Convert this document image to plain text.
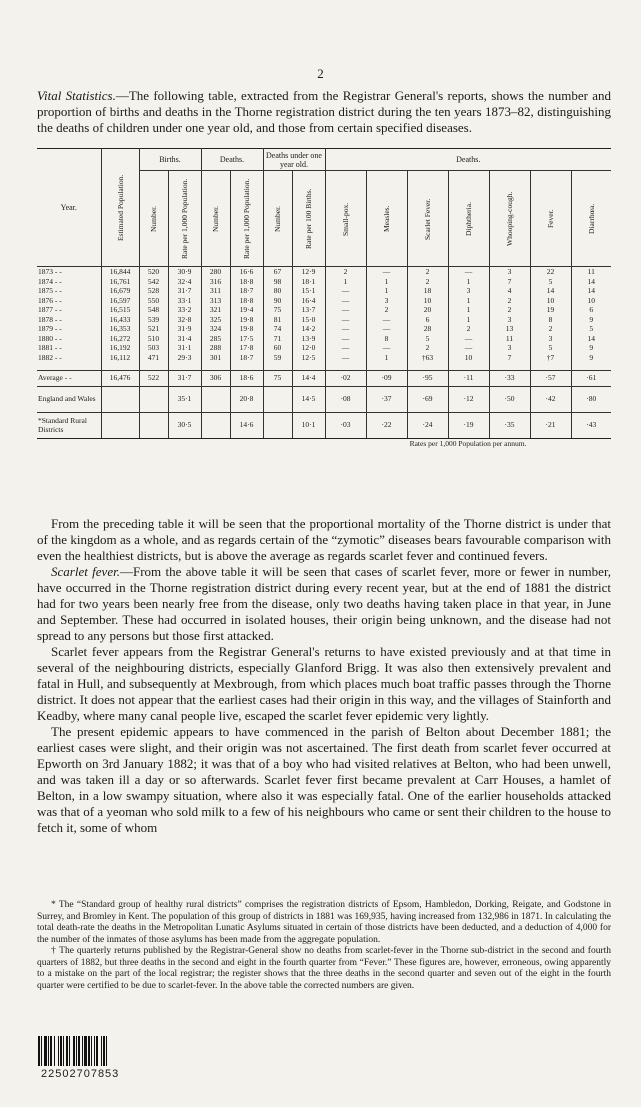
2

Vital Statistics.—The following table, extracted from the Registrar General's reports, shows the number and proportion of births and deaths in the Thorne registration district during the ten years 1873–82, distinguishing the deaths of children under one year old, and those from certain specified diseases.

Year.	Estimated Population.	Births.		Deaths.		Deaths under one year old.		Deaths.						

		Number.	Rate per 1,000 Population.	Number.	Rate per 1,000 Population.	Number.	Rate per 100 Births.	Small-pox.	Measles.	Scarlet Fever.	Diphtheria.	Whooping-cough.	Fever.	Diarrhœa.

1873 - -	16,844	520	30·9	280	16·6	67	12·9	2	—	2	—	3	22	11
1874 - -	16,761	542	32·4	316	18·8	98	18·1	1	1	2	1	7	5	14
1875 - -	16,679	528	31·7	311	18·7	80	15·1	—	1	18	3	4	14	14
1876 - -	16,597	550	33·1	313	18·8	90	16·4	—	3	10	1	2	10	10
1877 - -	16,515	548	33·2	321	19·4	75	13·7	—	2	20	1	2	19	6
1878 - -	16,433	539	32·8	325	19·8	81	15·0	—	—	6	1	3	8	9
1879 - -	16,353	521	31·9	324	19·8	74	14·2	—	—	28	2	13	2	5
1880 - -	16,272	510	31·4	285	17·5	71	13·9	—	8	5	—	11	3	14
1881 - -	16,192	503	31·1	288	17·8	60	12·0	—	—	2	—	3	5	9
1882 - -	16,112	471	29·3	301	18·7	59	12·5	—	1	†63	10	7	†7	9

Average - -	16,476	522	31·7	306	18·6	75	14·4	·02	·09	·95	·11	·33	·57	·61
England and Wales			35·1		20·8		14·5	·08	·37	·69	·12	·50	·42	·80
*Standard Rural Districts			30·5		14·6		10·1	·03	·22	·24	·19	·35	·21	·43
								Rates per 1,000 Population per annum.						

From the preceding table it will be seen that the proportional mortality of the Thorne district is under that of the kingdom as a whole, and as regards certain of the “zymotic” diseases bears favourable comparison with even the healthiest districts, but is above the average as regards scarlet fever and continued fevers.

Scarlet fever.—From the above table it will be seen that cases of scarlet fever, more or fewer in number, have occurred in the Thorne registration district during every recent year, but at the end of 1881 the district had for two years been nearly free from the disease, only two deaths having taken place in that year, in June and September. These had occurred in isolated houses, their origin being unknown, and the disease had not spread to any persons but those first attacked.

Scarlet fever appears from the Registrar General's returns to have existed previously and at that time in several of the neighbouring districts, especially Glanford Brigg. It was also then extensively prevalent and fatal in Hull, and subsequently at Mexbrough, from which places much boat traffic passes through the Thorne district. It does not appear that the earliest cases had their origin in this way, and the villages of Stainforth and Keadby, where many canal people live, escaped the scarlet fever epidemic very lightly.

The present epidemic appears to have commenced in the parish of Belton about December 1881; the earliest cases were slight, and their origin was not ascertained. The first death from scarlet fever occurred at Epworth on 3rd January 1882; it was that of a boy who had visited relatives at Belton, who had been unwell, and was taken ill a day or so afterwards. Scarlet fever first became prevalent at Carr Houses, a hamlet of Belton, in a low swampy situation, where also it was especially fatal. One of the earlier households attacked was that of a yeoman who sold milk to a few of his neighbours who came or sent their children to the house to fetch it, some of whom

* The “Standard group of healthy rural districts” comprises the registration districts of Epsom, Hambledon, Dorking, Reigate, and Godstone in Surrey, and Bromley in Kent. The population of this group of districts in 1881 was 169,935, having increased from 132,986 in 1871. In calculating the total death-rate the deaths in the Metropolitan Lunatic Asylums situated in certain of those districts have been deducted, and a deduction of 4,000 for the number of the inmates of those asylums has been made from the aggregate population.

† The quarterly returns published by the Registrar-General show no deaths from scarlet-fever in the Thorne sub-district in the second and fourth quarters of 1882, but three deaths in the second and eight in the fourth quarter from “Fever.” These figures are, however, erroneous, owing apparently to a mistake on the part of the local registrar; the register shows that the three deaths in the second quarter and seven out of the eight in the fourth quarter were certified to be due to scarlet-fever. In the above table the corrected numbers are given.

22502707853
